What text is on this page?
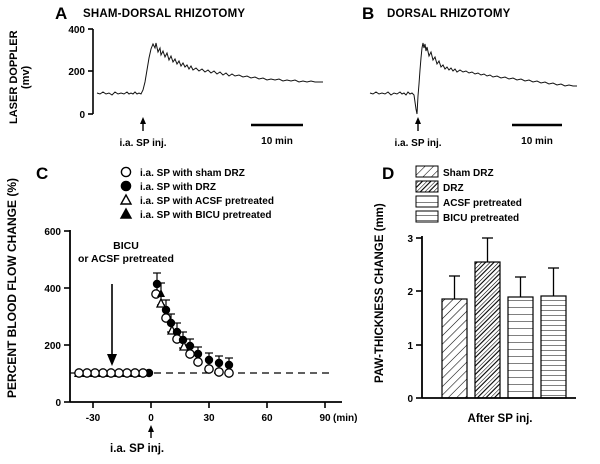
A SHAM-DORSAL RHIZOTOMY
400
200
0
i.a. SP inj.	10 min
LASER DOPPLER (mv)
B DORSAL RHIZOTOMY
i.a. SP inj.	10 min
C	i.a. SP with sham DRZ
i.a. SP with DRZ
i.a. SP with ACSF pretreated
i.a. SP with BICU pretreated
0
200
400
600
-30	0	30	60	90 (min)
BICU
or ACSF pretreated
i.a. SP inj.
PERCENT BLOOD FLOW CHANGE (%)
D	Sham DRZ
DRZ
ACSF pretreated
BICU pretreated
0
1
2
3
After SP inj.
PAW-THICKNESS CHANGE (mm)
